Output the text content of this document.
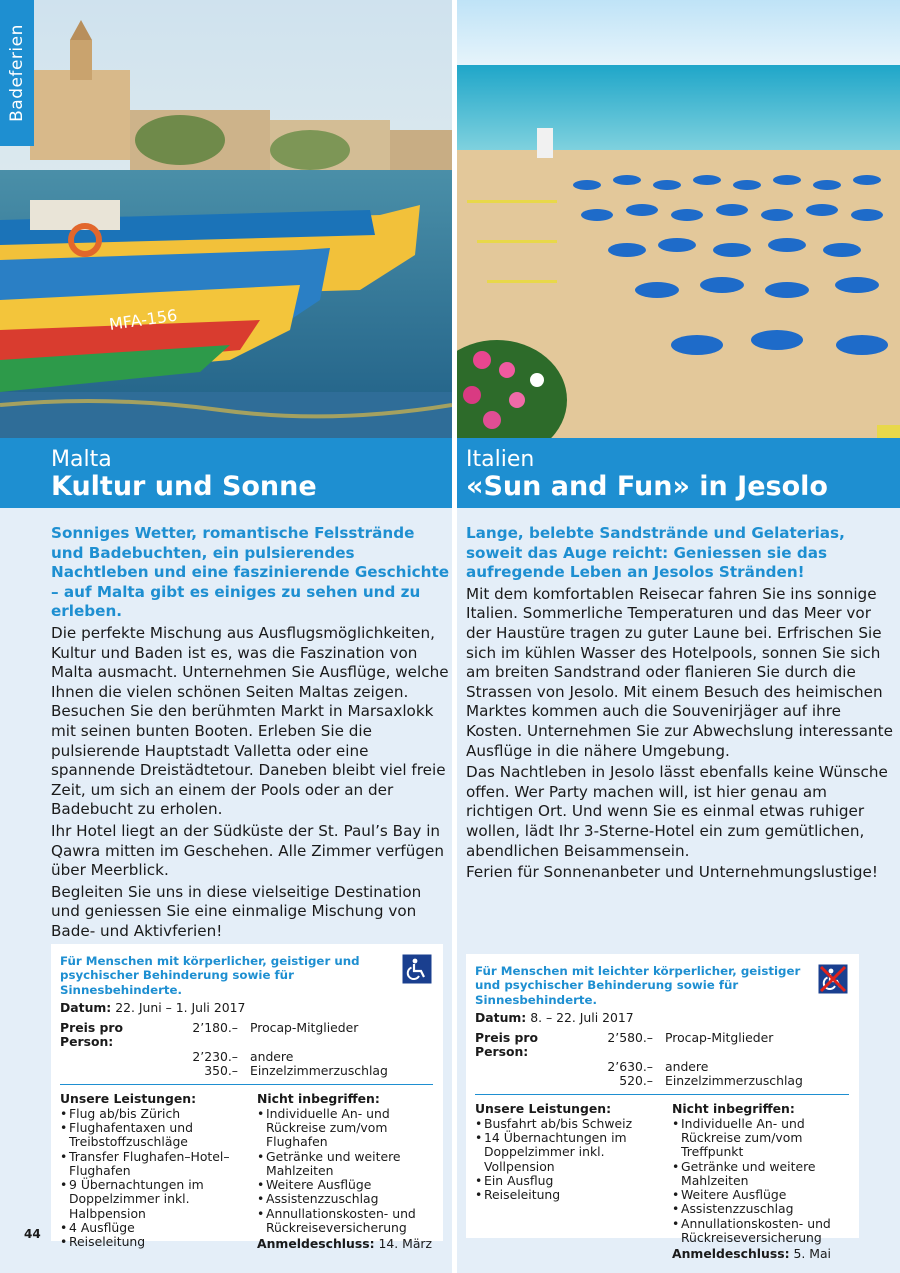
Badeferien
MFA-156
Malta
Kultur und Sonne

Sonniges Wetter, romantische Felsstrände und Badebuchten, ein pulsierendes Nachtleben und eine faszinierende Geschichte – auf Malta gibt es einiges zu sehen und zu erleben.

Die perfekte Mischung aus Ausflugsmöglichkeiten, Kultur und Baden ist es, was die Faszination von Malta ausmacht. Unternehmen Sie Ausflüge, welche Ihnen die vielen schönen Seiten Maltas zeigen. Besuchen Sie den berühmten Markt in Marsaxlokk mit seinen bunten Booten. Erleben Sie die pulsierende Hauptstadt Valletta oder eine spannende Dreistädtetour. Daneben bleibt viel freie Zeit, um sich an einem der Pools oder an der Badebucht zu erholen.

Ihr Hotel liegt an der Südküste der St. Paul’s Bay in Qawra mitten im Geschehen. Alle Zimmer verfügen über Meerblick.

Begleiten Sie uns in diese vielseitige Destination und geniessen Sie eine einmalige Mischung von Bade- und Aktivferien!

Für Menschen mit körperlicher, geistiger und psychischer Behinderung sowie für Sinnesbehinderte.
Datum: 22. Juni – 1. Juli 2017
Preis pro Person:
2’180.– Procap-Mitglieder
2’230.– andere
350.– Einzelzimmerzuschlag
Unsere Leistungen:
• Flug ab/bis Zürich
• Flughafentaxen und Treibstoffzuschläge
• Transfer Flughafen–Hotel–Flughafen
• 9 Übernachtungen im Doppelzimmer inkl. Halbpension
• 4 Ausflüge
• Reiseleitung
Nicht inbegriffen:
• Individuelle An- und Rückreise zum/vom Flughafen
• Getränke und weitere Mahlzeiten
• Weitere Ausflüge
• Assistenzzuschlag
• Annullationskosten- und Rückreiseversicherung
Anmeldeschluss: 14. März
Italien
«Sun and Fun» in Jesolo

Lange, belebte Sandstrände und Gelaterias, soweit das Auge reicht: Geniessen sie das aufregende Leben an Jesolos Stränden!

Mit dem komfortablen Reisecar fahren Sie ins sonnige Italien. Sommerliche Temperaturen und das Meer vor der Haustüre tragen zu guter Laune bei. Erfrischen Sie sich im kühlen Wasser des Hotelpools, sonnen Sie sich am breiten Sandstrand oder flanieren Sie durch die Strassen von Jesolo. Mit einem Besuch des heimischen Marktes kommen auch die Souvenirjäger auf ihre Kosten. Unternehmen Sie zur Abwechslung interessante Ausflüge in die nähere Umgebung.

Das Nachtleben in Jesolo lässt ebenfalls keine Wünsche offen. Wer Party machen will, ist hier genau am richtigen Ort. Und wenn Sie es einmal etwas ruhiger wollen, lädt Ihr 3-Sterne-Hotel ein zum gemütlichen, abendlichen Beisammensein.

Ferien für Sonnenanbeter und Unternehmungslustige!

Für Menschen mit leichter körperlicher, geistiger und psychischer Behinderung sowie für Sinnesbehinderte.
Datum: 8. – 22. Juli 2017
Preis pro Person:
2’580.– Procap-Mitglieder
2’630.– andere
520.– Einzelzimmerzuschlag
Unsere Leistungen:
• Busfahrt ab/bis Schweiz
• 14 Übernachtungen im Doppelzimmer inkl. Vollpension
• Ein Ausflug
• Reiseleitung
Nicht inbegriffen:
• Individuelle An- und Rückreise zum/vom Treffpunkt
• Getränke und weitere Mahlzeiten
• Weitere Ausflüge
• Assistenzzuschlag
• Annullationskosten- und Rückreiseversicherung
Anmeldeschluss: 5. Mai
44
